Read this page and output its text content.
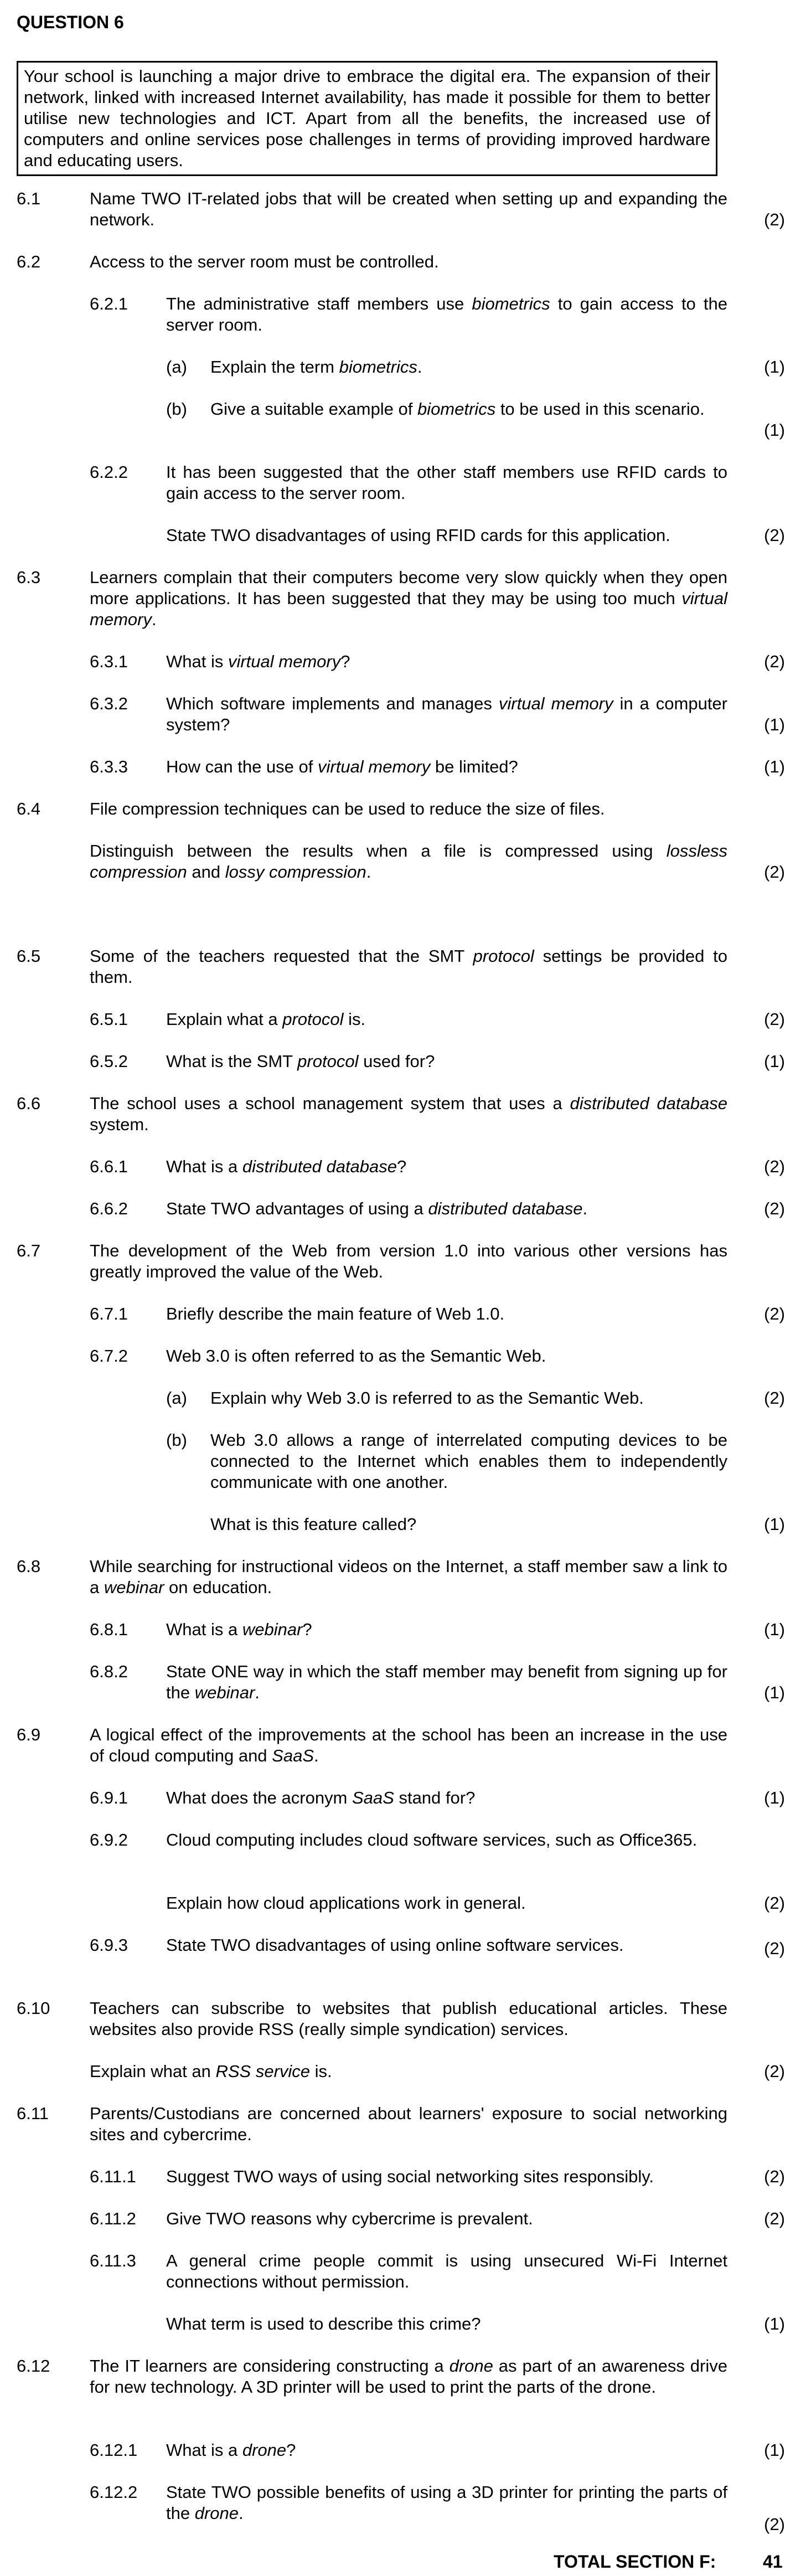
QUESTION 6
Your school is launching a major drive to embrace the digital era. The expansion of their network, linked with increased Internet availability, has made it possible for them to better utilise new technologies and ICT. Apart from all the benefits, the increased use of computers and online services pose challenges in terms of providing improved hardware and educating users.
6.1	Name TWO IT-related jobs that will be created when setting up and expanding the network.	(2)
6.2	Access to the server room must be controlled.
6.2.1 The administrative staff members use biometrics to gain access to the server room.
(a) Explain the term biometrics.	(1)
(b) Give a suitable example of biometrics to be used in this scenario.
(1)
6.2.2 It has been suggested that the other staff members use RFID cards to gain access to the server room.
State TWO disadvantages of using RFID cards for this application.	(2)
6.3	Learners complain that their computers become very slow quickly when they open more applications. It has been suggested that they may be using too much virtual memory.
6.3.1 What is virtual memory?	(2)
6.3.2 Which software implements and manages virtual memory in a computer system?	(1)
6.3.3 How can the use of virtual memory be limited?	(1)
6.4	File compression techniques can be used to reduce the size of files.
Distinguish between the results when a file is compressed using lossless compression and lossy compression.	(2)
6.5	Some of the teachers requested that the SMT protocol settings be provided to them.
6.5.1 Explain what a protocol is.	(2)
6.5.2 What is the SMT protocol used for?	(1)
6.6	The school uses a school management system that uses a distributed database system.
6.6.1 What is a distributed database?	(2)
6.6.2 State TWO advantages of using a distributed database.	(2)
6.7	The development of the Web from version 1.0 into various other versions has greatly improved the value of the Web.
6.7.1 Briefly describe the main feature of Web 1.0.	(2)
6.7.2 Web 3.0 is often referred to as the Semantic Web.
(a) Explain why Web 3.0 is referred to as the Semantic Web.	(2)
(b) Web 3.0 allows a range of interrelated computing devices to be connected to the Internet which enables them to independently communicate with one another.
What is this feature called?	(1)
6.8	While searching for instructional videos on the Internet, a staff member saw a link to a webinar on education.
6.8.1 What is a webinar?	(1)
6.8.2 State ONE way in which the staff member may benefit from signing up for the webinar.	(1)
6.9	A logical effect of the improvements at the school has been an increase in the use of cloud computing and SaaS.
6.9.1 What does the acronym SaaS stand for?	(1)
6.9.2 Cloud computing includes cloud software services, such as Office365.
Explain how cloud applications work in general.	(2)
6.9.3 State TWO disadvantages of using online software services.	(2)
6.10 Teachers can subscribe to websites that publish educational articles. These websites also provide RSS (really simple syndication) services.
Explain what an RSS service is.	(2)
6.11 Parents/Custodians are concerned about learners' exposure to social networking sites and cybercrime.
6.11.1 Suggest TWO ways of using social networking sites responsibly.	(2)
6.11.2 Give TWO reasons why cybercrime is prevalent.	(2)
6.11.3 A general crime people commit is using unsecured Wi-Fi Internet connections without permission.
What term is used to describe this crime?	(1)
6.12 The IT learners are considering constructing a drone as part of an awareness drive for new technology. A 3D printer will be used to print the parts of the drone.
6.12.1 What is a drone?	(1)
6.12.2 State TWO possible benefits of using a 3D printer for printing the parts of the drone.
(2)
TOTAL SECTION F:	41
